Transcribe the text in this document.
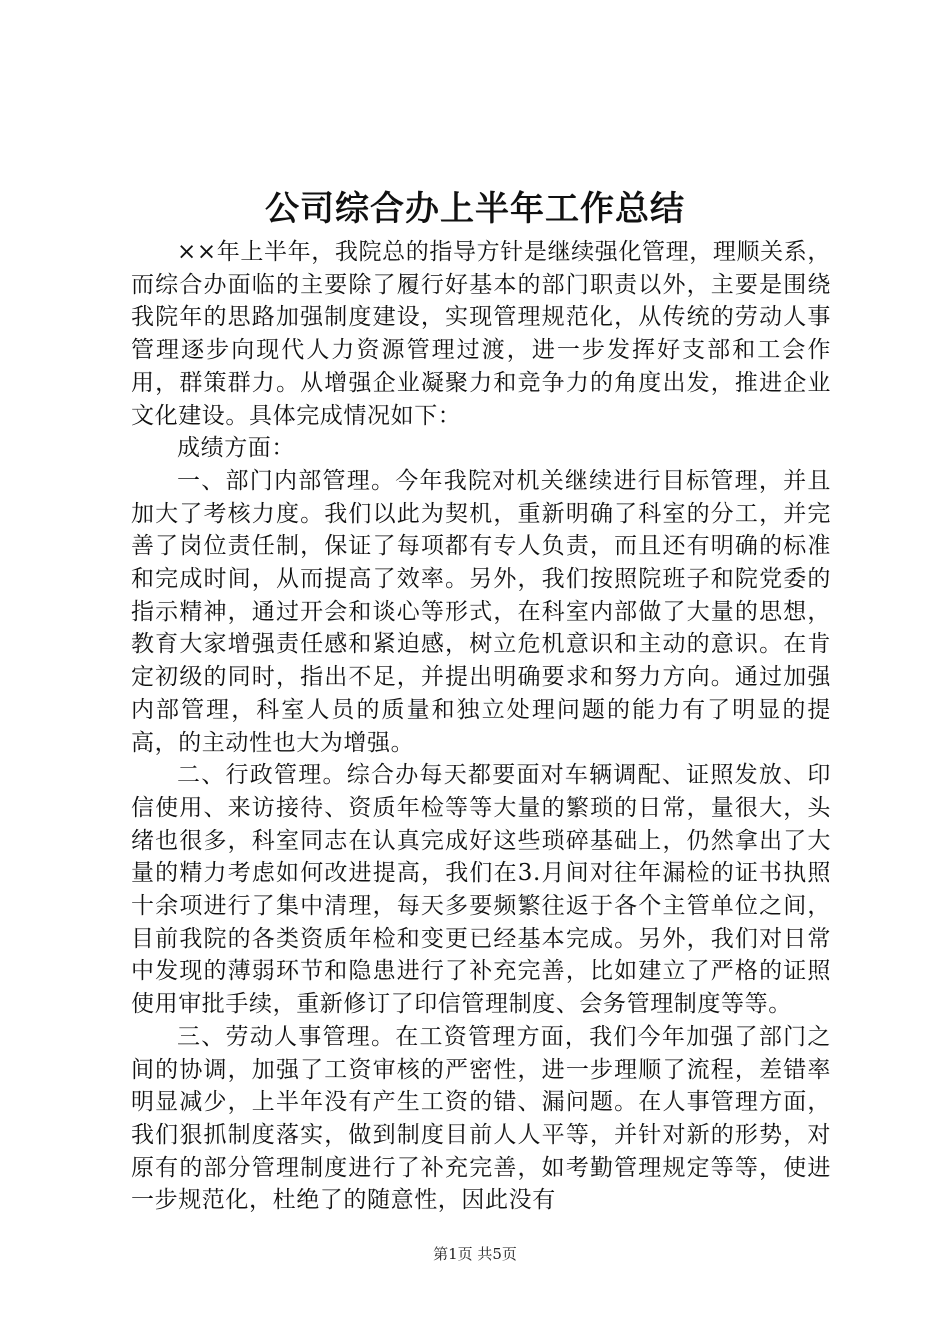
公司综合办上半年工作总结

××年上半年，我院总的指导方针是继续强化管理，理顺关系，而综合办面临的主要除了履行好基本的部门职责以外，主要是围绕我院年的思路加强制度建设，实现管理规范化，从传统的劳动人事管理逐步向现代人力资源管理过渡，进一步发挥好支部和工会作用，群策群力。从增强企业凝聚力和竞争力的角度出发，推进企业文化建设。具体完成情况如下：

成绩方面：

一、部门内部管理。今年我院对机关继续进行目标管理，并且加大了考核力度。我们以此为契机，重新明确了科室的分工，并完善了岗位责任制，保证了每项都有专人负责，而且还有明确的标准和完成时间，从而提高了效率。另外，我们按照院班子和院党委的指示精神，通过开会和谈心等形式，在科室内部做了大量的思想，教育大家增强责任感和紧迫感，树立危机意识和主动的意识。在肯定初级的同时，指出不足，并提出明确要求和努力方向。通过加强内部管理，科室人员的质量和独立处理问题的能力有了明显的提高，的主动性也大为增强。

二、行政管理。综合办每天都要面对车辆调配、证照发放、印信使用、来访接待、资质年检等等大量的繁琐的日常，量很大，头绪也很多，科室同志在认真完成好这些琐碎基础上，仍然拿出了大量的精力考虑如何改进提高，我们在3.月间对往年漏检的证书执照十余项进行了集中清理，每天多要频繁往返于各个主管单位之间，目前我院的各类资质年检和变更已经基本完成。另外，我们对日常中发现的薄弱环节和隐患进行了补充完善，比如建立了严格的证照使用审批手续，重新修订了印信管理制度、会务管理制度等等。

三、劳动人事管理。在工资管理方面，我们今年加强了部门之间的协调，加强了工资审核的严密性，进一步理顺了流程，差错率明显减少，上半年没有产生工资的错、漏问题。在人事管理方面，我们狠抓制度落实，做到制度目前人人平等，并针对新的形势，对原有的部分管理制度进行了补充完善，如考勤管理规定等等，使进一步规范化，杜绝了的随意性，因此没有

第1页 共5页
